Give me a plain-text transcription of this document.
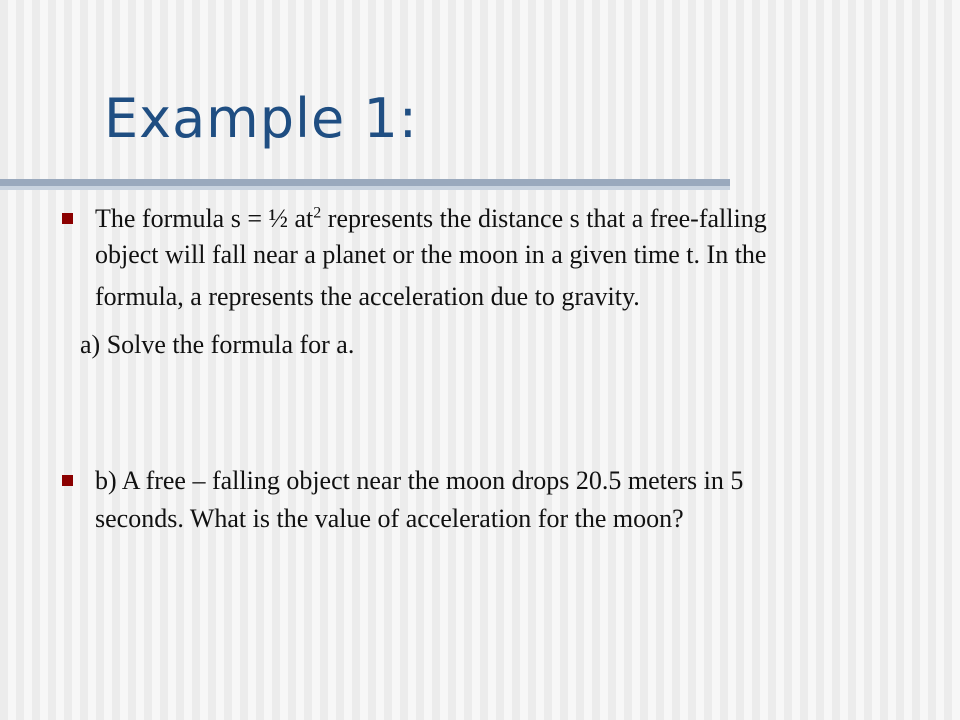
Example 1:
The formula s = ½ $at^2$ represents the distance s that a free-falling
object will fall near a planet or the moon in a given time t. In the
formula, a represents the acceleration due to gravity.
a) Solve the formula for a.
b) A free – falling object near the moon drops 20.5 meters in 5
seconds. What is the value of acceleration for the moon?
